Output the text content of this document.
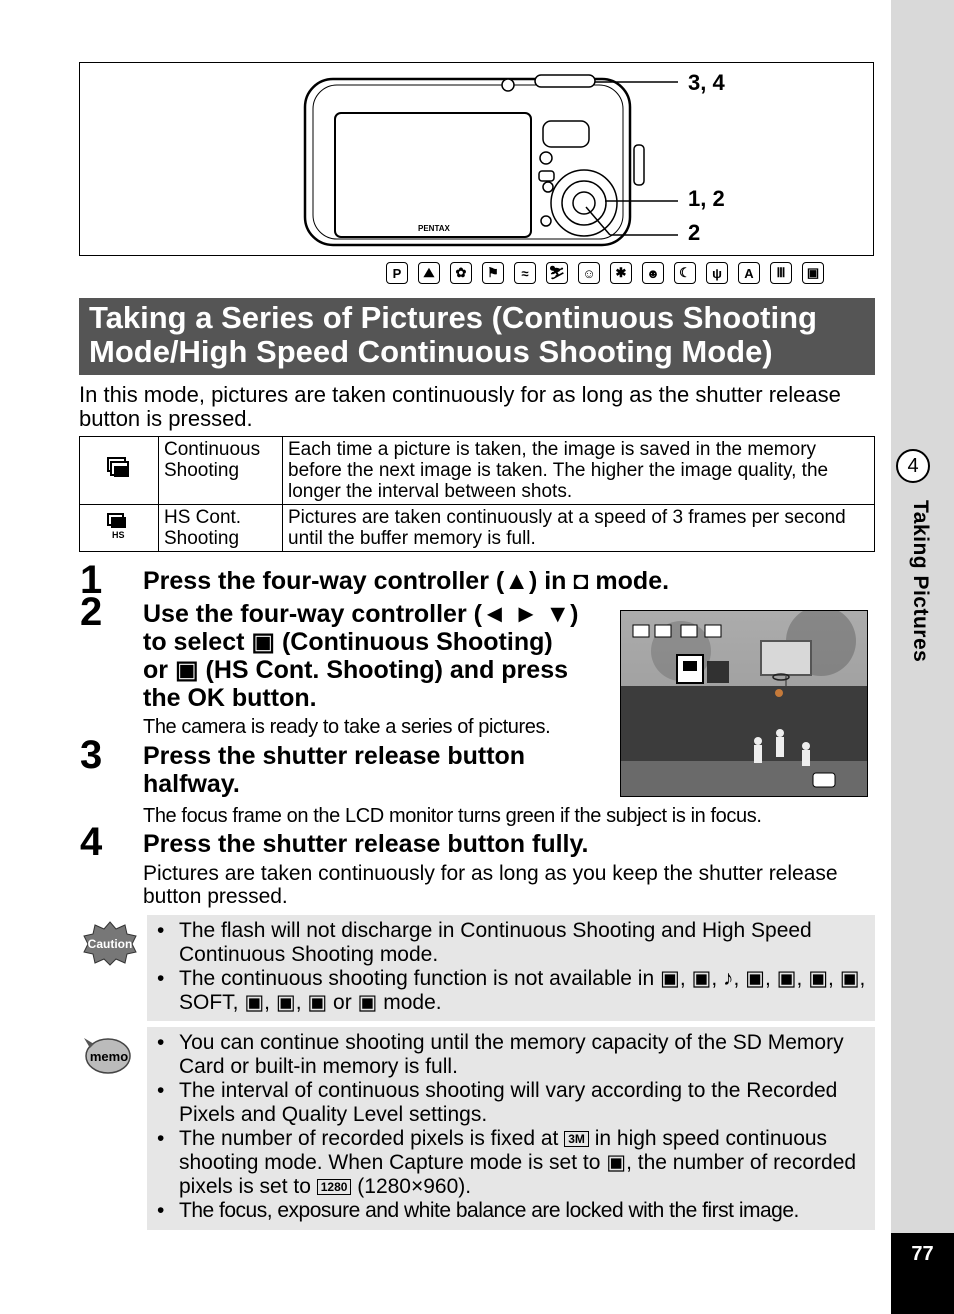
4
Taking Pictures
77
PENTAX
3, 4
1, 2
2
P	⛰	✿	⚑	≈	⛷	☺	✱	☻	☾	ψ	A	Ⅲ	▣
Taking a Series of Pictures (Continuous Shooting Mode/High Speed Continuous Shooting Mode)
In this mode, pictures are taken continuously for as long as the shutter release button is pressed.
	Continuous Shooting	Each time a picture is taken, the image is saved in the memory before the next image is taken. The higher the image quality, the longer the interval between shots.

HS	HS Cont. Shooting	Pictures are taken continuously at a speed of 3 frames per second until the buffer memory is full.
1 Press the four-way controller (▲) in ◘ mode.
2 Use the four-way controller (◄ ► ▼)
to select ▣ (Continuous Shooting)
or ▣ (HS Cont. Shooting) and press
the OK button.
The camera is ready to take a series of pictures.
3 Press the shutter release button
halfway.
The focus frame on the LCD monitor turns green if the subject is in focus.
4 Press the shutter release button fully.
Pictures are taken continuously for as long as you keep the shutter release button pressed.
Caution
• The flash will not discharge in Continuous Shooting and High Speed Continuous Shooting mode.
• The continuous shooting function is not available in ▣, ▣, ♪, ▣, ▣, ▣, ▣, SOFT, ▣, ▣, ▣ or ▣ mode.
memo
• You can continue shooting until the memory capacity of the SD Memory Card or built-in memory is full.
• The interval of continuous shooting will vary according to the Recorded Pixels and Quality Level settings.
• The number of recorded pixels is fixed at 3M in high speed continuous shooting mode. When Capture mode is set to ▣, the number of recorded pixels is set to 1280 (1280×960).
• The focus, exposure and white balance are locked with the first image.
